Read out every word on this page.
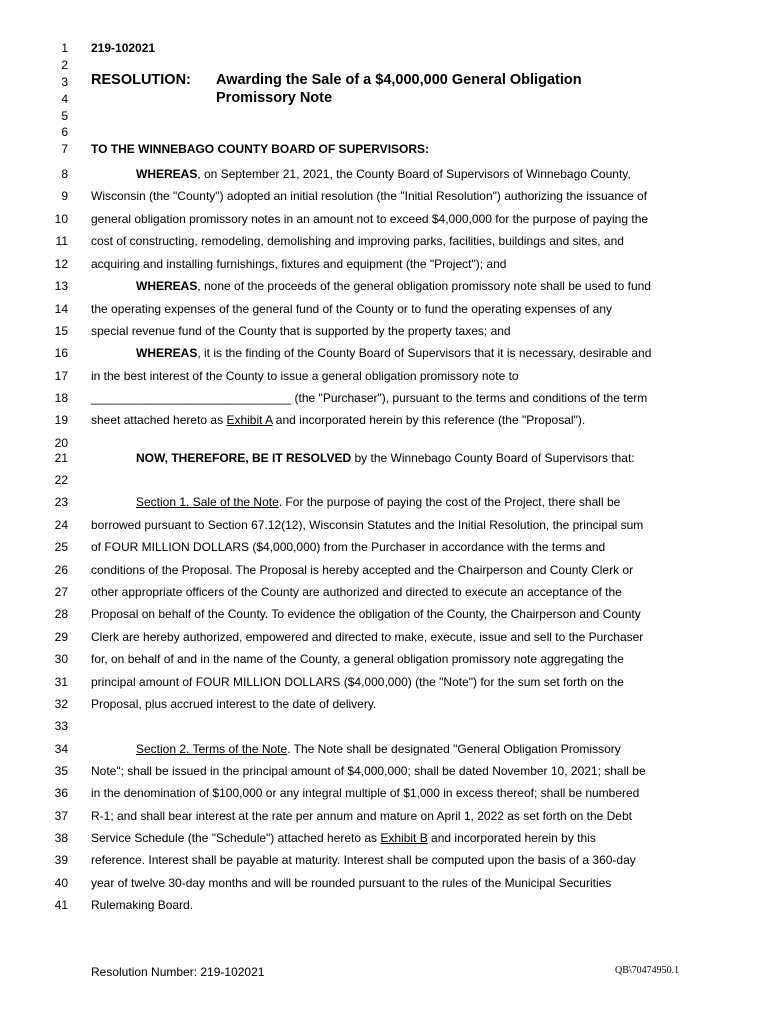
1
2
3
4
5
6
7
8
9
10
11
12
13
14
15
16
17
18
19
20
21
22
23
24
25
26
27
28
29
30
31
32
33
34
35
36
37
38
39
40
41
219-102021
RESOLUTION: Awarding the Sale of a $4,000,000 General Obligation
Promissory Note
TO THE WINNEBAGO COUNTY BOARD OF SUPERVISORS:
WHEREAS, on September 21, 2021, the County Board of Supervisors of Winnebago County,
Wisconsin (the "County") adopted an initial resolution (the "Initial Resolution") authorizing the issuance of
general obligation promissory notes in an amount not to exceed $4,000,000 for the purpose of paying the
cost of constructing, remodeling, demolishing and improving parks, facilities, buildings and sites, and
acquiring and installing furnishings, fixtures and equipment (the "Project"); and
WHEREAS, none of the proceeds of the general obligation promissory note shall be used to fund
the operating expenses of the general fund of the County or to fund the operating expenses of any
special revenue fund of the County that is supported by the property taxes; and
WHEREAS, it is the finding of the County Board of Supervisors that it is necessary, desirable and
in the best interest of the County to issue a general obligation promissory note to
______________________________ (the "Purchaser"), pursuant to the terms and conditions of the term
sheet attached hereto as Exhibit A and incorporated herein by this reference (the "Proposal").
NOW, THEREFORE, BE IT RESOLVED by the Winnebago County Board of Supervisors that:
Section 1. Sale of the Note. For the purpose of paying the cost of the Project, there shall be
borrowed pursuant to Section 67.12(12), Wisconsin Statutes and the Initial Resolution, the principal sum
of FOUR MILLION DOLLARS ($4,000,000) from the Purchaser in accordance with the terms and
conditions of the Proposal. The Proposal is hereby accepted and the Chairperson and County Clerk or
other appropriate officers of the County are authorized and directed to execute an acceptance of the
Proposal on behalf of the County. To evidence the obligation of the County, the Chairperson and County
Clerk are hereby authorized, empowered and directed to make, execute, issue and sell to the Purchaser
for, on behalf of and in the name of the County, a general obligation promissory note aggregating the
principal amount of FOUR MILLION DOLLARS ($4,000,000) (the "Note") for the sum set forth on the
Proposal, plus accrued interest to the date of delivery.
Section 2. Terms of the Note. The Note shall be designated "General Obligation Promissory
Note"; shall be issued in the principal amount of $4,000,000; shall be dated November 10, 2021; shall be
in the denomination of $100,000 or any integral multiple of $1,000 in excess thereof; shall be numbered
R-1; and shall bear interest at the rate per annum and mature on April 1, 2022 as set forth on the Debt
Service Schedule (the "Schedule") attached hereto as Exhibit B and incorporated herein by this
reference. Interest shall be payable at maturity. Interest shall be computed upon the basis of a 360-day
year of twelve 30-day months and will be rounded pursuant to the rules of the Municipal Securities
Rulemaking Board.
Resolution Number: 219-102021	QB\70474950.1
